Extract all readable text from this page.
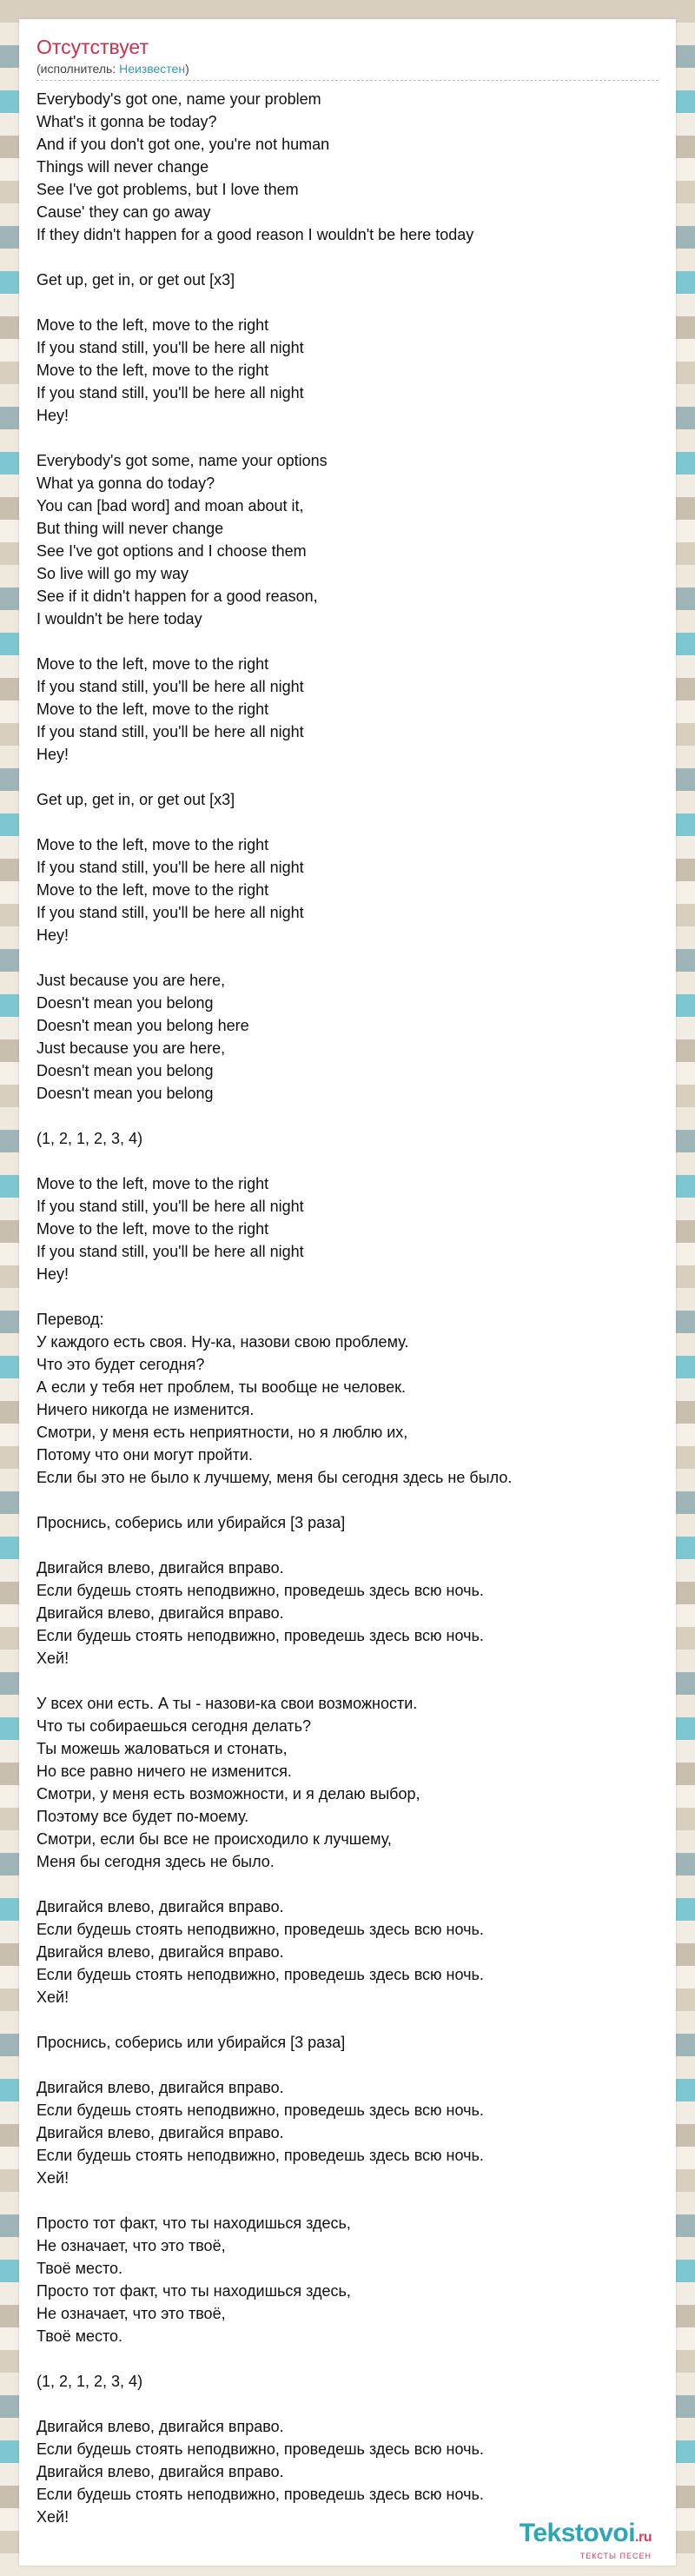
Отсутствует
(исполнитель: Неизвестен)
Everybody's got one, name your problem
What's it gonna be today?
And if you don't got one, you're not human
Things will never change
See I've got problems, but I love them
Cause' they can go away
If they didn't happen for a good reason I wouldn't be here today

Get up, get in, or get out [x3]

Move to the left, move to the right
If you stand still, you'll be here all night
Move to the left, move to the right
If you stand still, you'll be here all night
Hey!

Everybody's got some, name your options
What ya gonna do today?
You can [bad word] and moan about it,
But thing will never change
See I've got options and I choose them
So live will go my way
See if it didn't happen for a good reason,
I wouldn't be here today

Move to the left, move to the right
If you stand still, you'll be here all night
Move to the left, move to the right
If you stand still, you'll be here all night
Hey!

Get up, get in, or get out [x3]

Move to the left, move to the right
If you stand still, you'll be here all night
Move to the left, move to the right
If you stand still, you'll be here all night
Hey!

Just because you are here,
Doesn't mean you belong
Doesn't mean you belong here
Just because you are here,
Doesn't mean you belong
Doesn't mean you belong

(1, 2, 1, 2, 3, 4)

Move to the left, move to the right
If you stand still, you'll be here all night
Move to the left, move to the right
If you stand still, you'll be here all night
Hey!

Перевод:
У каждого есть своя. Ну-ка, назови свою проблему.
Что это будет сегодня?
А если у тебя нет проблем, ты вообще не человек.
Ничего никогда не изменится.
Смотри, у меня есть неприятности, но я люблю их,
Потому что они могут пройти.
Если бы это не было к лучшему, меня бы сегодня здесь не было.

Проснись, соберись или убирайся [3 раза]

Двигайся влево, двигайся вправо.
Если будешь стоять неподвижно, проведешь здесь всю ночь.
Двигайся влево, двигайся вправо.
Если будешь стоять неподвижно, проведешь здесь всю ночь.
Хей!

У всех они есть. А ты - назови-ка свои возможности.
Что ты собираешься сегодня делать?
Ты можешь жаловаться и стонать,
Но все равно ничего не изменится.
Смотри, у меня есть возможности, и я делаю выбор,
Поэтому все будет по-моему.
Смотри, если бы все не происходило к лучшему,
Меня бы сегодня здесь не было.

Двигайся влево, двигайся вправо.
Если будешь стоять неподвижно, проведешь здесь всю ночь.
Двигайся влево, двигайся вправо.
Если будешь стоять неподвижно, проведешь здесь всю ночь.
Хей!

Проснись, соберись или убирайся [3 раза]

Двигайся влево, двигайся вправо.
Если будешь стоять неподвижно, проведешь здесь всю ночь.
Двигайся влево, двигайся вправо.
Если будешь стоять неподвижно, проведешь здесь всю ночь.
Хей!

Просто тот факт, что ты находишься здесь,
Не означает, что это твоё,
Твоё место.
Просто тот факт, что ты находишься здесь,
Не означает, что это твоё,
Твоё место.

(1, 2, 1, 2, 3, 4)

Двигайся влево, двигайся вправо.
Если будешь стоять неподвижно, проведешь здесь всю ночь.
Двигайся влево, двигайся вправо.
Если будешь стоять неподвижно, проведешь здесь всю ночь.
Хей!
Tekstovoi.ru
ТЕКСТЫ ПЕСЕН
